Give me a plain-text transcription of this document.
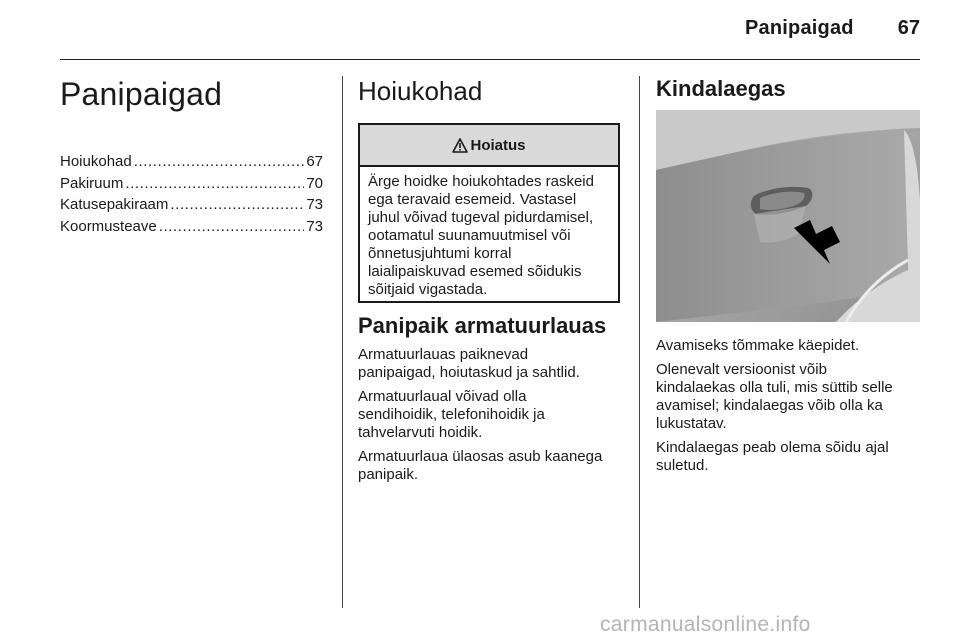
Panipaigad	67
Panipaigad
Hoiukohad .....	67
Pakiruum .....	70
Katusepakiraam .....	73
Koormusteave .....	73
Hoiukohad
Hoiatus
Ärge hoidke hoiukohtades raskeid
ega teravaid esemeid. Vastasel
juhul võivad tugeval pidurdamisel,
ootamatul suunamuutmisel või
õnnetusjuhtumi korral
laialipaiskuvad esemed sõidukis
sõitjaid vigastada.
Panipaik armatuurlauas

Armatuurlauas paiknevad
panipaigad, hoiutaskud ja sahtlid.

Armatuurlaual võivad olla
sendihoidik, telefonihoidik ja
tahvelarvuti hoidik.

Armatuurlaua ülaosas asub kaanega
panipaik.

Kindalaegas

Avamiseks tõmmake käepidet.

Olenevalt versioonist võib
kindalaekas olla tuli, mis süttib selle
avamisel; kindalaegas võib olla ka
lukustatav.

Kindalaegas peab olema sõidu ajal
suletud.

carmanualsonline.info
